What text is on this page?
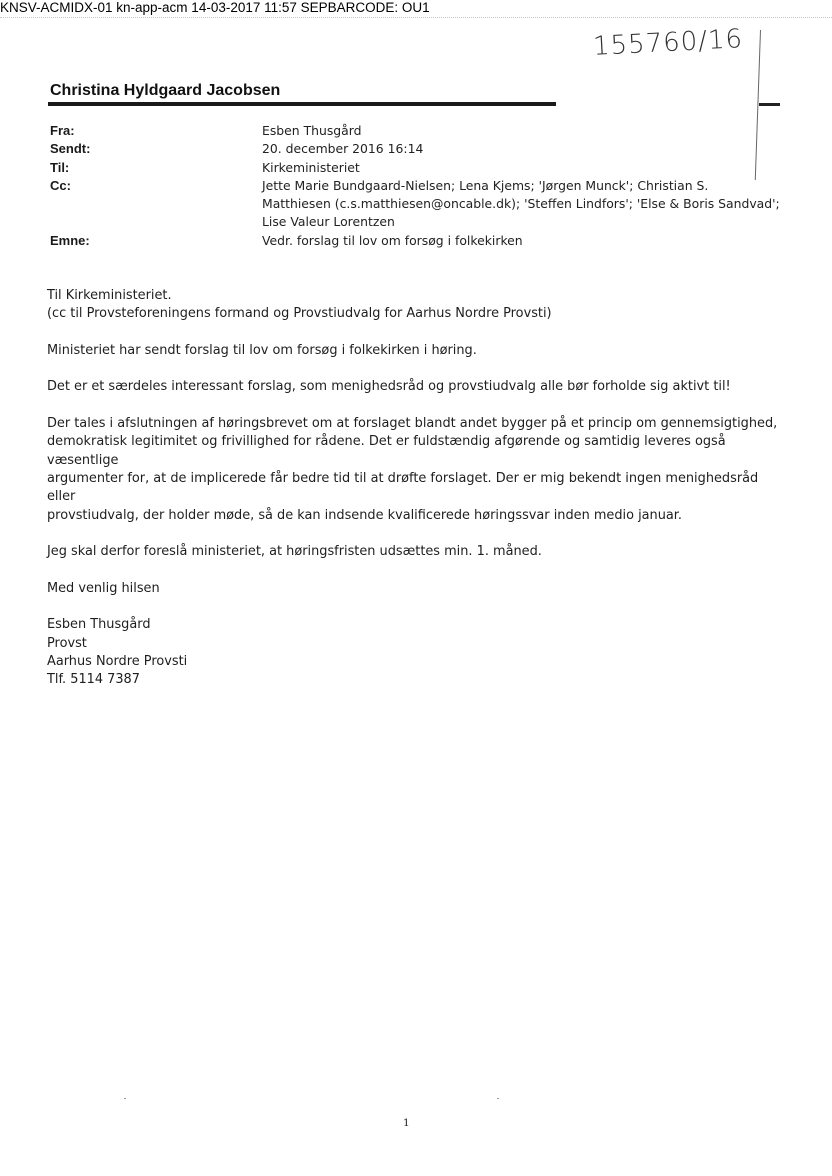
KNSV-ACMIDX-01 kn-app-acm 14-03-2017 11:57 SEPBARCODE: OU1
155760/16
Christina Hyldgaard Jacobsen
Fra:	Esben Thusgård
Sendt:	20. december 2016 16:14
Til:	Kirkeministeriet
Cc:	Jette Marie Bundgaard-Nielsen; Lena Kjems; 'Jørgen Munck'; Christian S. Matthiesen (c.s.matthiesen@oncable.dk); 'Steffen Lindfors'; 'Else & Boris Sandvad'; Lise Valeur Lorentzen
Emne:	Vedr. forslag til lov om forsøg i folkekirken

Til Kirkeministeriet.
(cc til Provsteforeningens formand og Provstiudvalg for Aarhus Nordre Provsti)

Ministeriet har sendt forslag til lov om forsøg i folkekirken i høring.

Det er et særdeles interessant forslag, som menighedsråd og provstiudvalg alle bør forholde sig aktivt til!

Der tales i afslutningen af høringsbrevet om at forslaget blandt andet bygger på et princip om gennemsigtighed,
demokratisk legitimitet og frivillighed for rådene. Det er fuldstændig afgørende og samtidig leveres også væsentlige
argumenter for, at de implicerede får bedre tid til at drøfte forslaget. Der er mig bekendt ingen menighedsråd eller
provstiudvalg, der holder møde, så de kan indsende kvalificerede høringssvar inden medio januar.

Jeg skal derfor foreslå ministeriet, at høringsfristen udsættes min. 1. måned.

Med venlig hilsen

Esben Thusgård
Provst
Aarhus Nordre Provsti
Tlf. 5114 7387

1
